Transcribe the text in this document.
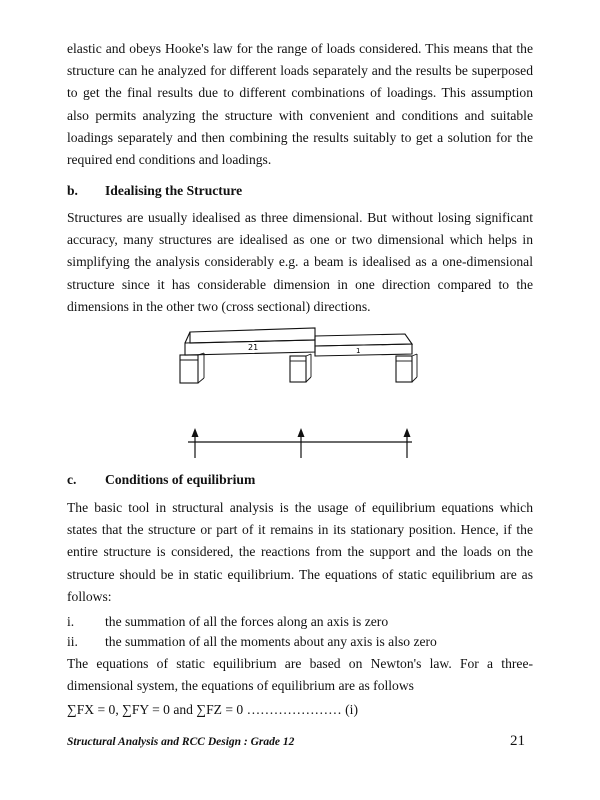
elastic and obeys Hooke's law for the range of loads considered. This means that the structure can he analyzed for different loads separately and the results be superposed to get the final results due to different combinations of loadings. This assumption also permits analyzing the structure with convenient and conditions and suitable loadings separately and then combining the results suitably to get a solution for the required end conditions and loadings.

b. Idealising the Structure

Structures are usually idealised as three dimensional. But without losing significant accuracy, many structures are idealised as one or two dimensional which helps in simplifying the analysis considerably e.g. a beam is idealised as a one-dimensional structure since it has considerable dimension in one direction compared to the dimensions in the other two (cross sectional) directions.

21	1
c. Conditions of equilibrium

The basic tool in structural analysis is the usage of equilibrium equations which states that the structure or part of it remains in its stationary position. Hence, if the entire structure is considered, the reactions from the support and the loads on the structure should be in static equilibrium. The equations of static equilibrium are as follows:

i. the summation of all the forces along an axis is zero
ii. the summation of all the moments about any axis is also zero

The equations of static equilibrium are based on Newton's law. For a three-dimensional system, the equations of equilibrium are as follows

∑FX = 0, ∑FY = 0 and ∑FZ = 0 ………………… (i)
Structural Analysis and RCC Design : Grade 12	21
